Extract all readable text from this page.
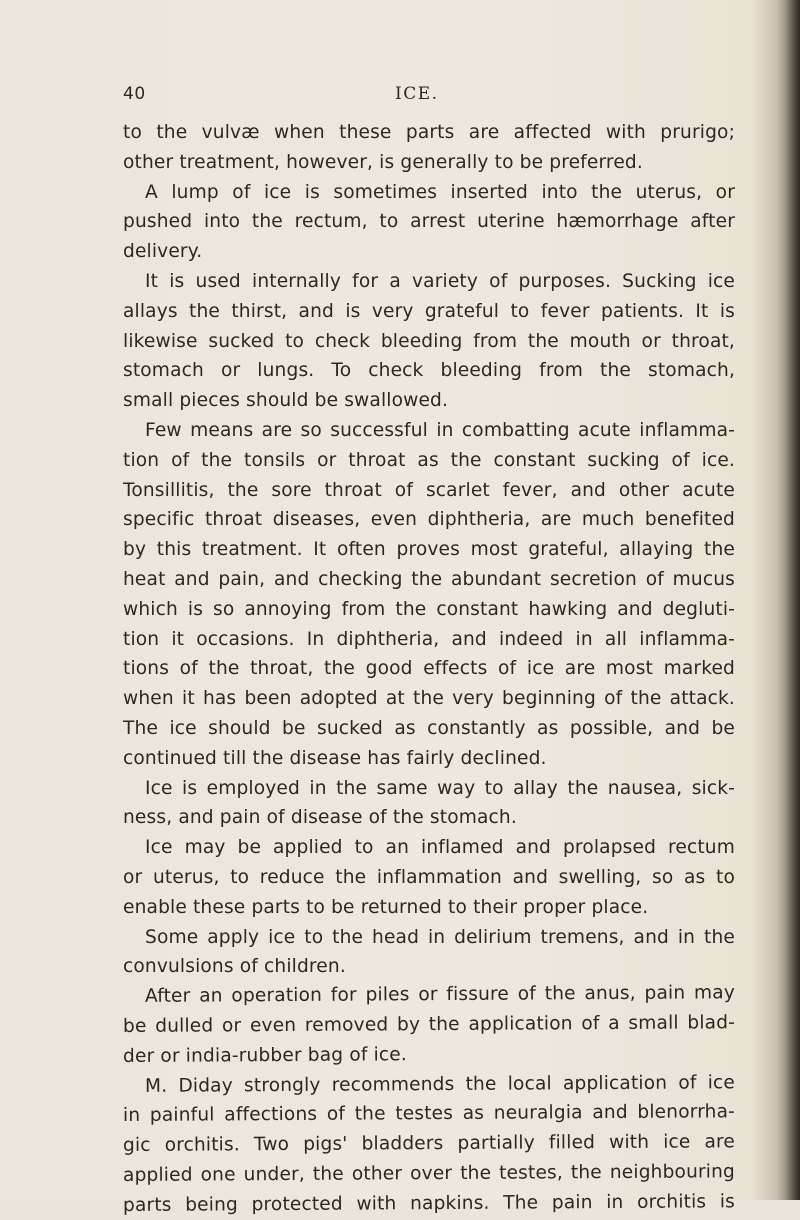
40	ICE.
to the vulvæ when these parts are affected with prurigo;
other treatment, however, is generally to be preferred.
A lump of ice is sometimes inserted into the uterus, or
pushed into the rectum, to arrest uterine hæmorrhage after
delivery.
It is used internally for a variety of purposes. Sucking ice
allays the thirst, and is very grateful to fever patients. It is
likewise sucked to check bleeding from the mouth or throat,
stomach or lungs. To check bleeding from the stomach,
small pieces should be swallowed.
Few means are so successful in combatting acute inflamma-
tion of the tonsils or throat as the constant sucking of ice.
Tonsillitis, the sore throat of scarlet fever, and other acute
specific throat diseases, even diphtheria, are much benefited
by this treatment. It often proves most grateful, allaying the
heat and pain, and checking the abundant secretion of mucus
which is so annoying from the constant hawking and degluti-
tion it occasions. In diphtheria, and indeed in all inflamma-
tions of the throat, the good effects of ice are most marked
when it has been adopted at the very beginning of the attack.
The ice should be sucked as constantly as possible, and be
continued till the disease has fairly declined.
Ice is employed in the same way to allay the nausea, sick-
ness, and pain of disease of the stomach.
Ice may be applied to an inflamed and prolapsed rectum
or uterus, to reduce the inflammation and swelling, so as to
enable these parts to be returned to their proper place.
Some apply ice to the head in delirium tremens, and in the
convulsions of children.
After an operation for piles or fissure of the anus, pain may
be dulled or even removed by the application of a small blad-
der or india-rubber bag of ice.
M. Diday strongly recommends the local application of ice
in painful affections of the testes as neuralgia and blenorrha-
gic orchitis. Two pigs' bladders partially filled with ice are
applied one under, the other over the testes, the neighbouring
parts being protected with napkins. The pain in orchitis is
